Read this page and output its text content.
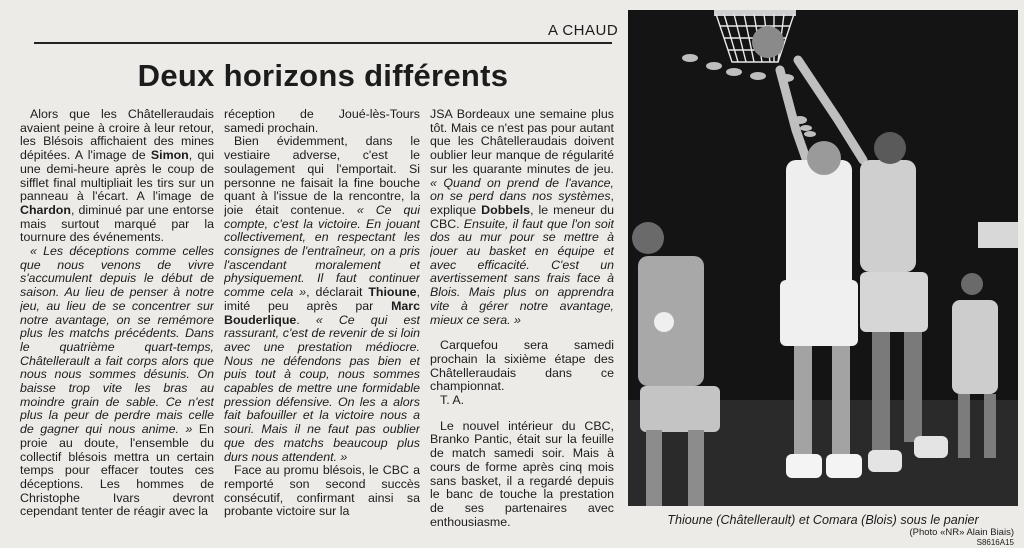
A CHAUD
Deux horizons différents

Alors que les Châtelleraudais avaient peine à croire à leur retour, les Blésois affichaient des mines dépitées. A l'image de Simon, qui une demi-heure après le coup de sifflet final multipliait les tirs sur un panneau à l'écart. A l'image de Chardon, diminué par une entorse mais surtout marqué par la tournure des événements.

« Les déceptions comme celles que nous venons de vivre s'accumulent depuis le début de saison. Au lieu de penser à notre jeu, au lieu de se concentrer sur notre avantage, on se remémore plus les matchs précédents. Dans le quatrième quart-temps, Châtellerault a fait corps alors que nous nous sommes désunis. On baisse trop vite les bras au moindre grain de sable. Ce n'est plus la peur de perdre mais celle de gagner qui nous anime. » En proie au doute, l'ensemble du collectif blésois mettra un certain temps pour effacer toutes ces déceptions. Les hommes de Christophe Ivars devront cependant tenter de réagir avec la

réception de Joué-lès-Tours samedi prochain.

Bien évidemment, dans le vestiaire adverse, c'est le soulagement qui l'emportait. Si personne ne faisait la fine bouche quant à l'issue de la rencontre, la joie était contenue. « Ce qui compte, c'est la victoire. En jouant collectivement, en respectant les consignes de l'entraîneur, on a pris l'ascendant moralement et physiquement. Il faut continuer comme cela », déclarait Thioune, imité peu après par Marc Bouderlique. « Ce qui est rassurant, c'est de revenir de si loin avec une prestation médiocre. Nous ne défendons pas bien et puis tout à coup, nous sommes capables de mettre une formidable pression défensive. On les a alors fait bafouiller et la victoire nous a souri. Mais il ne faut pas oublier que des matchs beaucoup plus durs nous attendent. »

Face au promu blésois, le CBC a remporté son second succès consécutif, confirmant ainsi sa probante victoire sur la

JSA Bordeaux une semaine plus tôt. Mais ce n'est pas pour autant que les Châtelleraudais doivent oublier leur manque de régularité sur les quarante minutes de jeu. « Quand on prend de l'avance, on se perd dans nos systèmes, explique Dobbels, le meneur du CBC. Ensuite, il faut que l'on soit dos au mur pour se mettre à jouer au basket en équipe et avec efficacité. C'est un avertissement sans frais face à Blois. Mais plus on apprendra vite à gérer notre avantage, mieux ce sera. »

Carquefou sera samedi prochain la sixième étape des Châtelleraudais dans ce championnat.

T. A.

Le nouvel intérieur du CBC, Branko Pantic, était sur la feuille de match samedi soir. Mais à cours de forme après cinq mois sans basket, il a regardé depuis le banc de touche la prestation de ses partenaires avec enthousiasme.	Thioune (Châtellerault) et Comara (Blois) sous le panier
(Photo «NR» Alain Biais)
S8616A15
